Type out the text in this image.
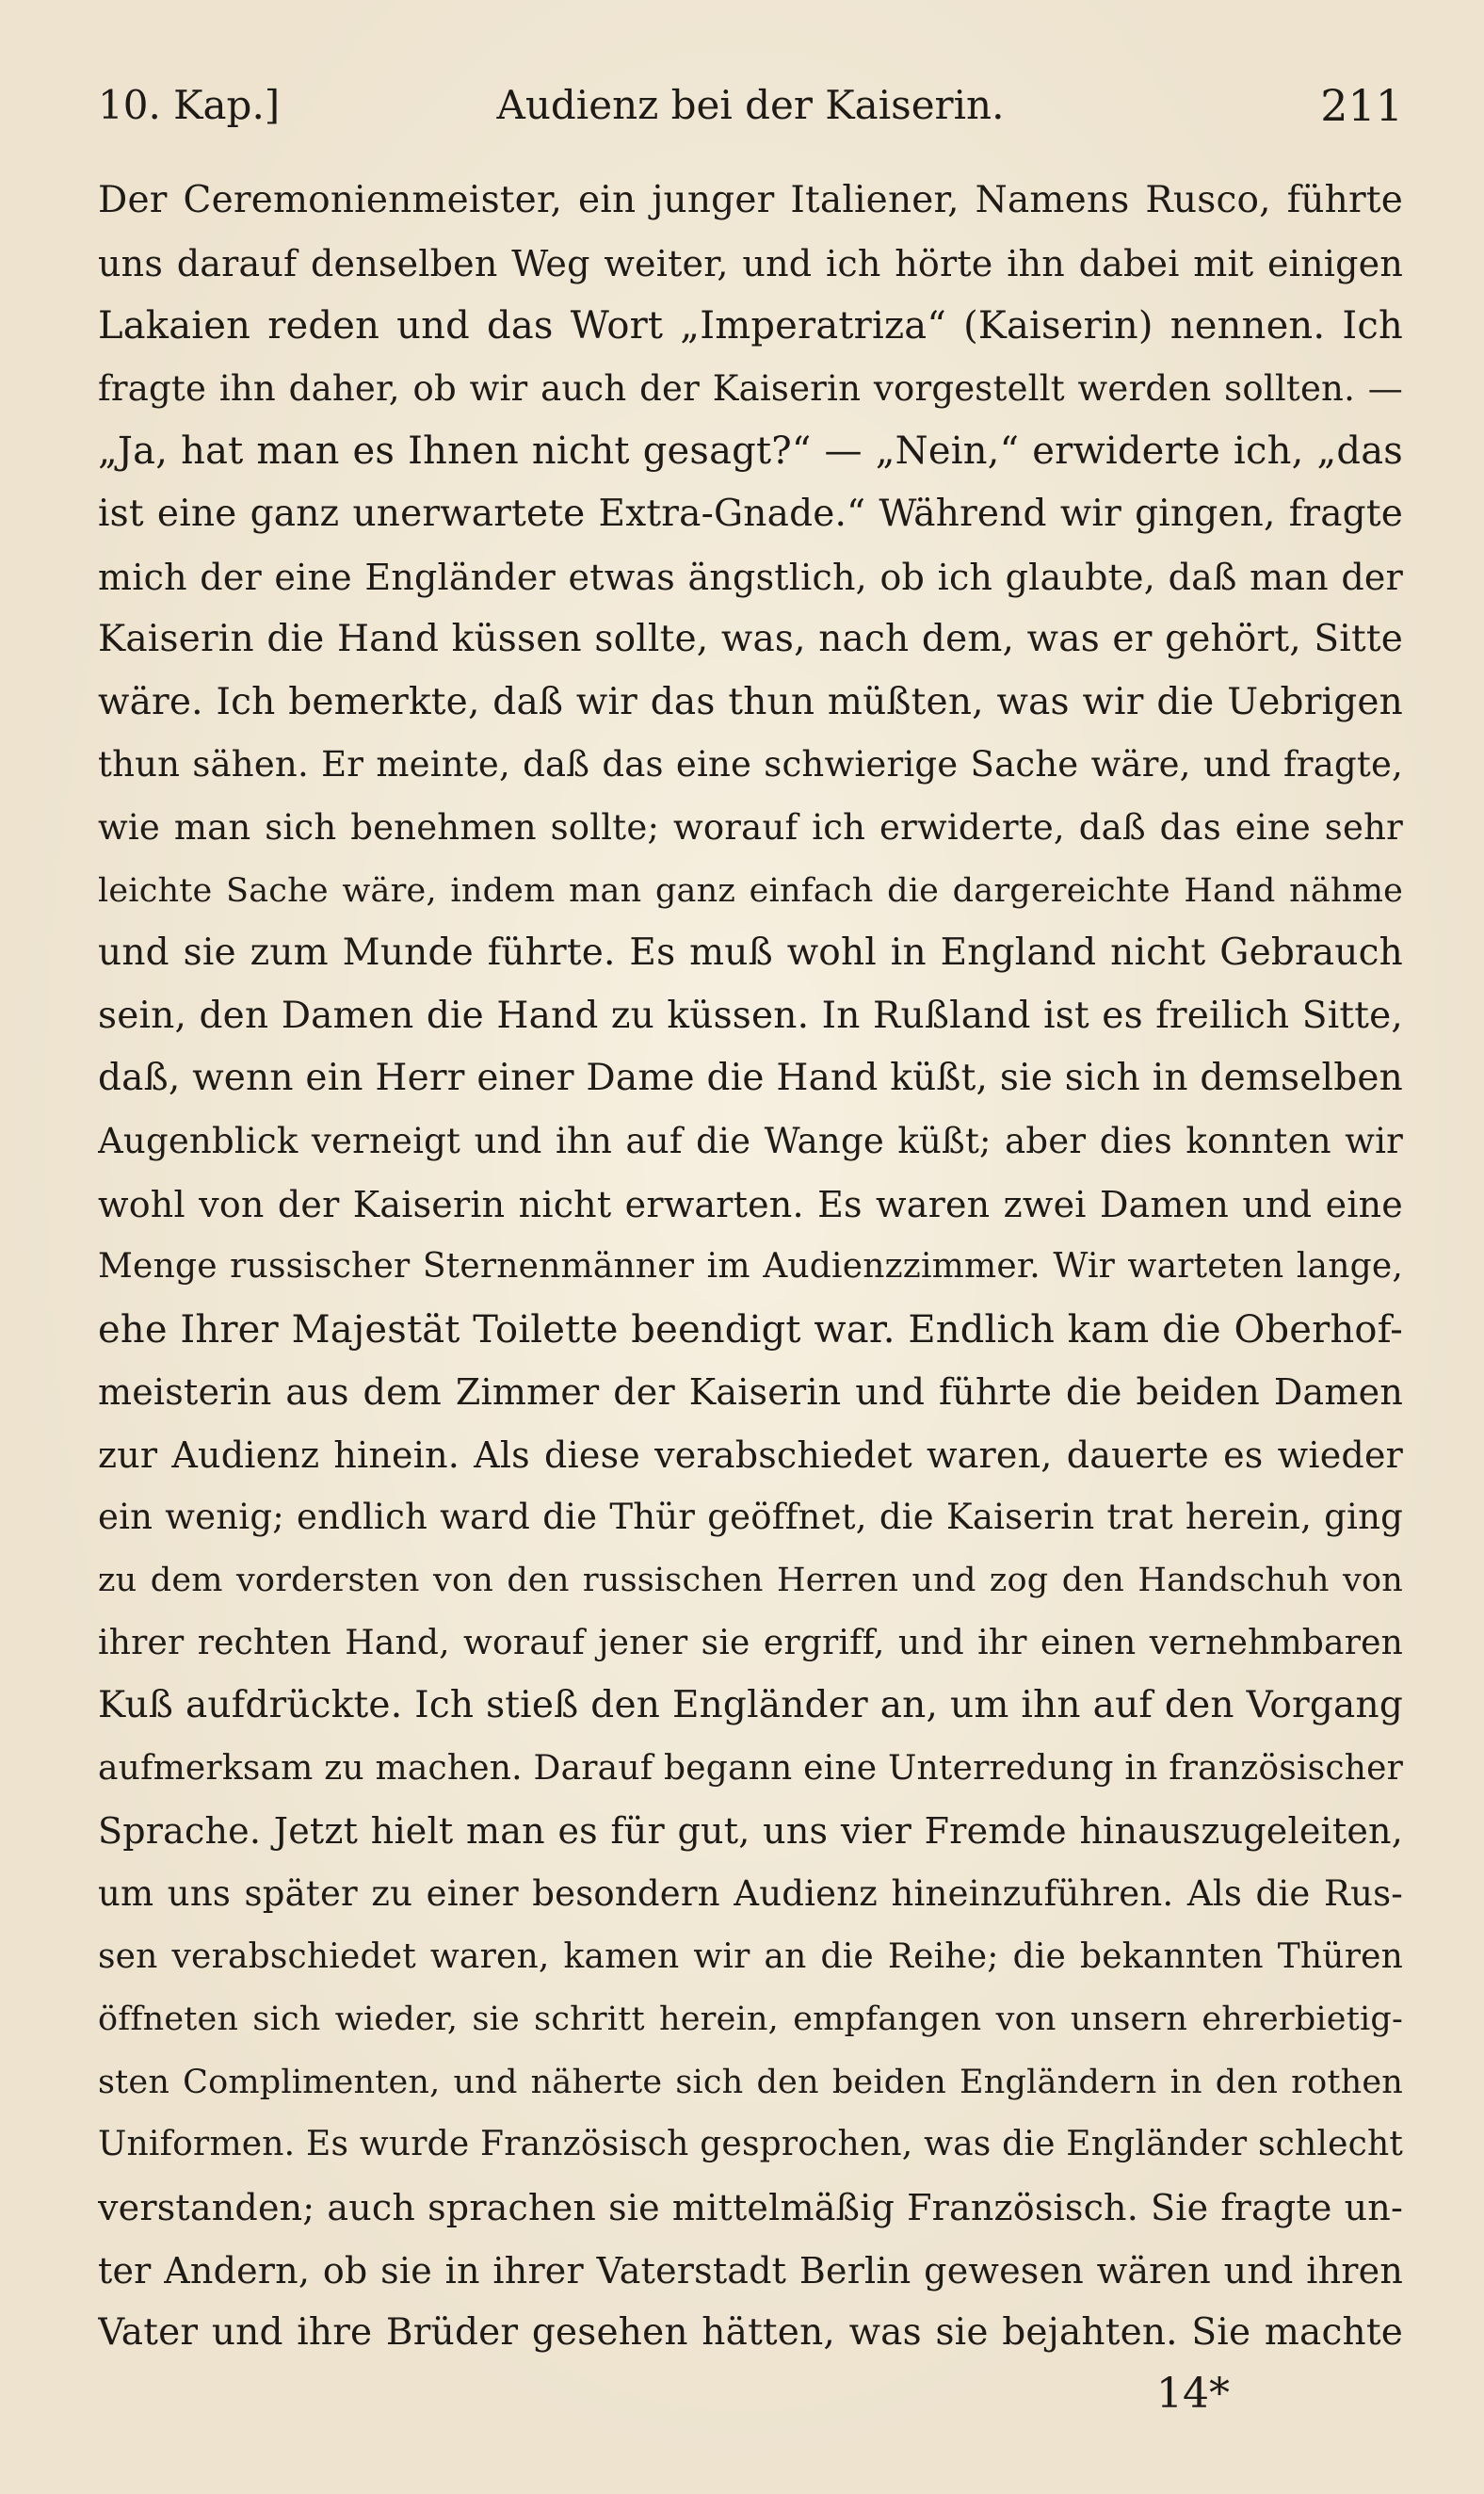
10. Kap.]	Audienz bei der Kaiserin.	211
Der Ceremonienmeister, ein junger Italiener, Namens Rusco, führte
uns darauf denselben Weg weiter, und ich hörte ihn dabei mit einigen
Lakaien reden und das Wort „Imperatriza“ (Kaiserin) nennen. Ich
fragte ihn daher, ob wir auch der Kaiserin vorgestellt werden sollten. —
„Ja, hat man es Ihnen nicht gesagt?“ — „Nein,“ erwiderte ich, „das
ist eine ganz unerwartete Extra-Gnade.“ Während wir gingen, fragte
mich der eine Engländer etwas ängstlich, ob ich glaubte, daß man der
Kaiserin die Hand küssen sollte, was, nach dem, was er gehört, Sitte
wäre. Ich bemerkte, daß wir das thun müßten, was wir die Uebrigen
thun sähen. Er meinte, daß das eine schwierige Sache wäre, und fragte,
wie man sich benehmen sollte; worauf ich erwiderte, daß das eine sehr
leichte Sache wäre, indem man ganz einfach die dargereichte Hand nähme
und sie zum Munde führte. Es muß wohl in England nicht Gebrauch
sein, den Damen die Hand zu küssen. In Rußland ist es freilich Sitte,
daß, wenn ein Herr einer Dame die Hand küßt, sie sich in demselben
Augenblick verneigt und ihn auf die Wange küßt; aber dies konnten wir
wohl von der Kaiserin nicht erwarten. Es waren zwei Damen und eine
Menge russischer Sternenmänner im Audienzzimmer. Wir warteten lange,
ehe Ihrer Majestät Toilette beendigt war. Endlich kam die Oberhof-
meisterin aus dem Zimmer der Kaiserin und führte die beiden Damen
zur Audienz hinein. Als diese verabschiedet waren, dauerte es wieder
ein wenig; endlich ward die Thür geöffnet, die Kaiserin trat herein, ging
zu dem vordersten von den russischen Herren und zog den Handschuh von
ihrer rechten Hand, worauf jener sie ergriff, und ihr einen vernehmbaren
Kuß aufdrückte. Ich stieß den Engländer an, um ihn auf den Vorgang
aufmerksam zu machen. Darauf begann eine Unterredung in französischer
Sprache. Jetzt hielt man es für gut, uns vier Fremde hinauszugeleiten,
um uns später zu einer besondern Audienz hineinzuführen. Als die Rus-
sen verabschiedet waren, kamen wir an die Reihe; die bekannten Thüren
öffneten sich wieder, sie schritt herein, empfangen von unsern ehrerbietig-
sten Complimenten, und näherte sich den beiden Engländern in den rothen
Uniformen. Es wurde Französisch gesprochen, was die Engländer schlecht
verstanden; auch sprachen sie mittelmäßig Französisch. Sie fragte un-
ter Andern, ob sie in ihrer Vaterstadt Berlin gewesen wären und ihren
Vater und ihre Brüder gesehen hätten, was sie bejahten. Sie machte
14*
